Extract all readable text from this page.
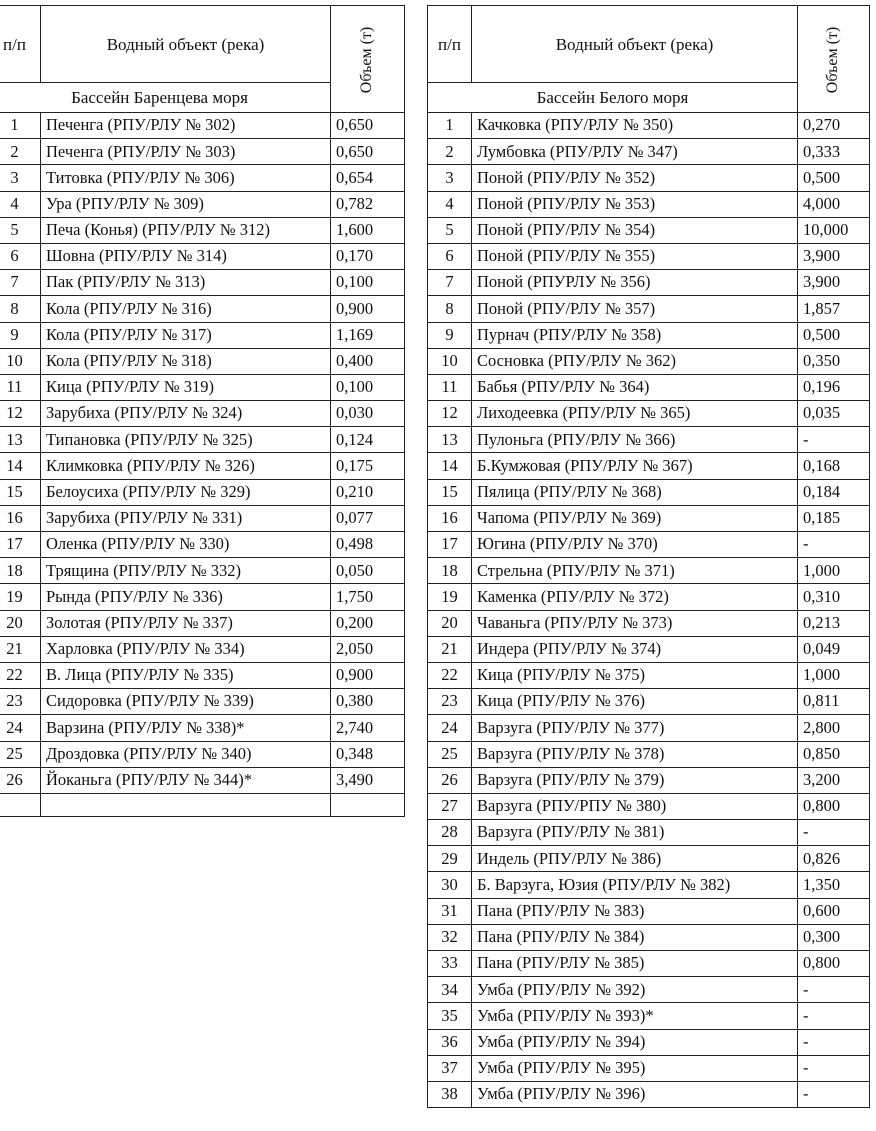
п/п	Водный объект (река)	Объем (т)
Бассейн Баренцева моря		
1	Печенга (РПУ/РЛУ № 302)	0,650
2	Печенга (РПУ/РЛУ № 303)	0,650
3	Титовка (РПУ/РЛУ № 306)	0,654
4	Ура (РПУ/РЛУ № 309)	0,782
5	Печа (Конья) (РПУ/РЛУ № 312)	1,600
6	Шовна (РПУ/РЛУ № 314)	0,170
7	Пак (РПУ/РЛУ № 313)	0,100
8	Кола (РПУ/РЛУ № 316)	0,900
9	Кола (РПУ/РЛУ № 317)	1,169
10	Кола (РПУ/РЛУ № 318)	0,400
11	Кица (РПУ/РЛУ № 319)	0,100
12	Зарубиха (РПУ/РЛУ № 324)	0,030
13	Типановка (РПУ/РЛУ № 325)	0,124
14	Климковка (РПУ/РЛУ № 326)	0,175
15	Белоусиха (РПУ/РЛУ № 329)	0,210
16	Зарубиха (РПУ/РЛУ № 331)	0,077
17	Оленка (РПУ/РЛУ № 330)	0,498
18	Трящина (РПУ/РЛУ № 332)	0,050
19	Рында (РПУ/РЛУ № 336)	1,750
20	Золотая (РПУ/РЛУ № 337)	0,200
21	Харловка (РПУ/РЛУ № 334)	2,050
22	В. Лица (РПУ/РЛУ № 335)	0,900
23	Сидоровка (РПУ/РЛУ № 339)	0,380
24	Варзина (РПУ/РЛУ № 338)*	2,740
25	Дроздовка (РПУ/РЛУ № 340)	0,348
26	Йоканьга (РПУ/РЛУ № 344)*	3,490

п/п	Водный объект (река)	Объем (т)
Бассейн Белого моря		
1	Качковка (РПУ/РЛУ № 350)	0,270
2	Лумбовка (РПУ/РЛУ № 347)	0,333
3	Поной (РПУ/РЛУ № 352)	0,500
4	Поной (РПУ/РЛУ № 353)	4,000
5	Поной (РПУ/РЛУ № 354)	10,000
6	Поной (РПУ/РЛУ № 355)	3,900
7	Поной (РПУРЛУ № 356)	3,900
8	Поной (РПУ/РЛУ № 357)	1,857
9	Пурнач (РПУ/РЛУ № 358)	0,500
10	Сосновка (РПУ/РЛУ № 362)	0,350
11	Бабья (РПУ/РЛУ № 364)	0,196
12	Лиходеевка (РПУ/РЛУ № 365)	0,035
13	Пулоньга (РПУ/РЛУ № 366)	-
14	Б.Кумжовая (РПУ/РЛУ № 367)	0,168
15	Пялица (РПУ/РЛУ № 368)	0,184
16	Чапома (РПУ/РЛУ № 369)	0,185
17	Югина (РПУ/РЛУ № 370)	-
18	Стрельна (РПУ/РЛУ № 371)	1,000
19	Каменка (РПУ/РЛУ № 372)	0,310
20	Чаваньга (РПУ/РЛУ № 373)	0,213
21	Индера (РПУ/РЛУ № 374)	0,049
22	Кица (РПУ/РЛУ № 375)	1,000
23	Кица (РПУ/РЛУ № 376)	0,811
24	Варзуга (РПУ/РЛУ № 377)	2,800
25	Варзуга (РПУ/РЛУ № 378)	0,850
26	Варзуга (РПУ/РЛУ № 379)	3,200
27	Варзуга (РПУ/РПУ № 380)	0,800
28	Варзуга (РПУ/РЛУ № 381)	-
29	Индель (РПУ/РЛУ № 386)	0,826
30	Б. Варзуга, Юзия (РПУ/РЛУ № 382)	1,350
31	Пана (РПУ/РЛУ № 383)	0,600
32	Пана (РПУ/РЛУ № 384)	0,300
33	Пана (РПУ/РЛУ № 385)	0,800
34	Умба (РПУ/РЛУ № 392)	-
35	Умба (РПУ/РЛУ № 393)*	-
36	Умба (РПУ/РЛУ № 394)	-
37	Умба (РПУ/РЛУ № 395)	-
38	Умба (РПУ/РЛУ № 396)	-
